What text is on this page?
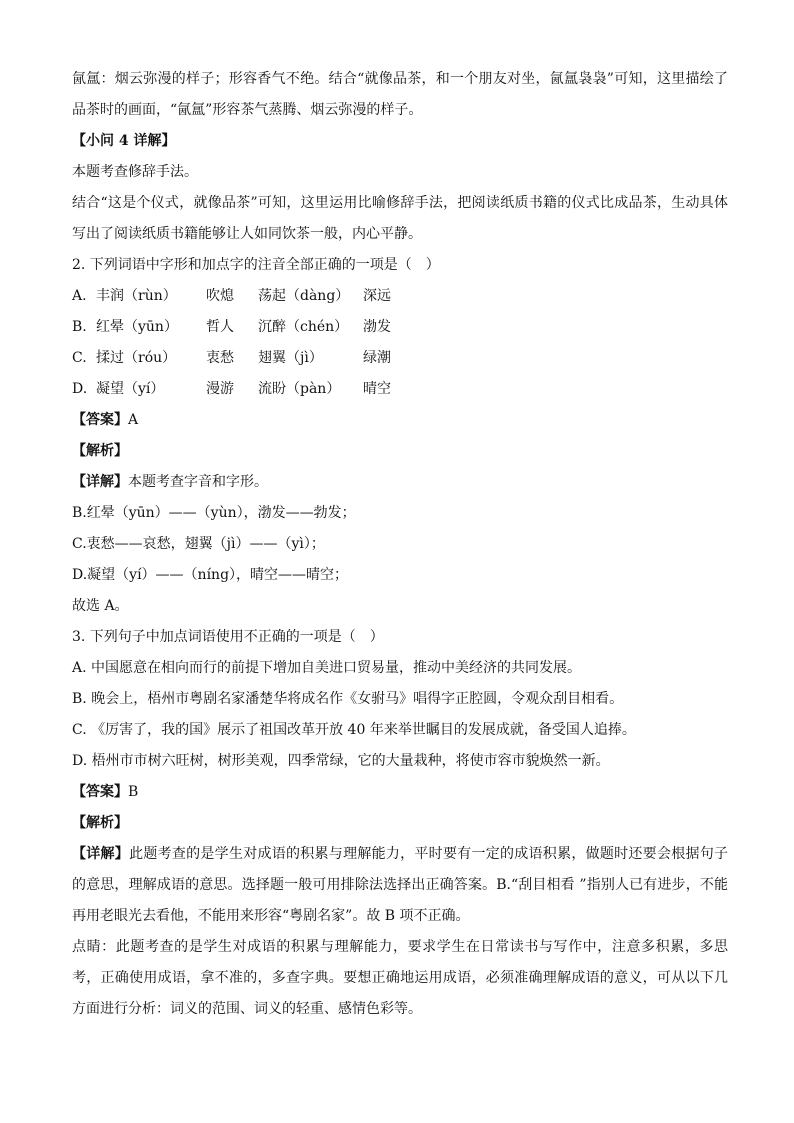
氤氲：烟云弥漫的样子；形容香气不绝。结合“就像品茶，和一个朋友对坐，氤氲袅袅”可知，这里描绘了品茶时的画面，“氤氲”形容茶气蒸腾、烟云弥漫的样子。
【小问 4 详解】
本题考查修辞手法。
结合“这是个仪式，就像品茶”可知，这里运用比喻修辞手法，把阅读纸质书籍的仪式比成品茶，生动具体写出了阅读纸质书籍能够让人如同饮茶一般，内心平静。
2. 下列词语中字形和加点字的注音全部正确的一项是（　）
A. 丰润（rùn） 吹熄 荡起（dàng） 深远
B. 红晕（yūn） 哲人 沉醉（chén） 渤发
C. 揉过（róu） 衷愁 翅翼（jì）	绿潮
D. 凝望（yí）	漫游 流盼（pàn） 晴空
【答案】A
【解析】
【详解】本题考查字音和字形。
B.红晕（yūn）——（yùn），渤发——勃发；
C.衷愁——哀愁，翅翼（jì）——（yì）；
D.凝望（yí）——（níng），晴空——晴空；
故选 A。
3. 下列句子中加点词语使用不正确的一项是（　）
A. 中国愿意在相向而行的前提下增加自美进口贸易量，推动中美经济的共同发展。
B. 晚会上，梧州市粤剧名家潘楚华将成名作《女驸马》唱得字正腔圆，令观众刮目相看。
C. 《厉害了，我的国》展示了祖国改革开放 40 年来举世瞩目的发展成就，备受国人追捧。
D. 梧州市市树六旺树，树形美观，四季常绿，它的大量栽种，将使市容市貌焕然一新。
【答案】B
【解析】
【详解】此题考查的是学生对成语的积累与理解能力，平时要有一定的成语积累，做题时还要会根据句子的意思，理解成语的意思。选择题一般可用排除法选择出正确答案。B.“刮目相看 ”指别人已有进步，不能再用老眼光去看他，不能用来形容“粤剧名家”。故 B 项不正确。
点睛：此题考查的是学生对成语的积累与理解能力，要求学生在日常读书与写作中，注意多积累，多思考，正确使用成语，拿不准的，多查字典。要想正确地运用成语，必须准确理解成语的意义，可从以下几方面进行分析：词义的范围、词义的轻重、感情色彩等。
